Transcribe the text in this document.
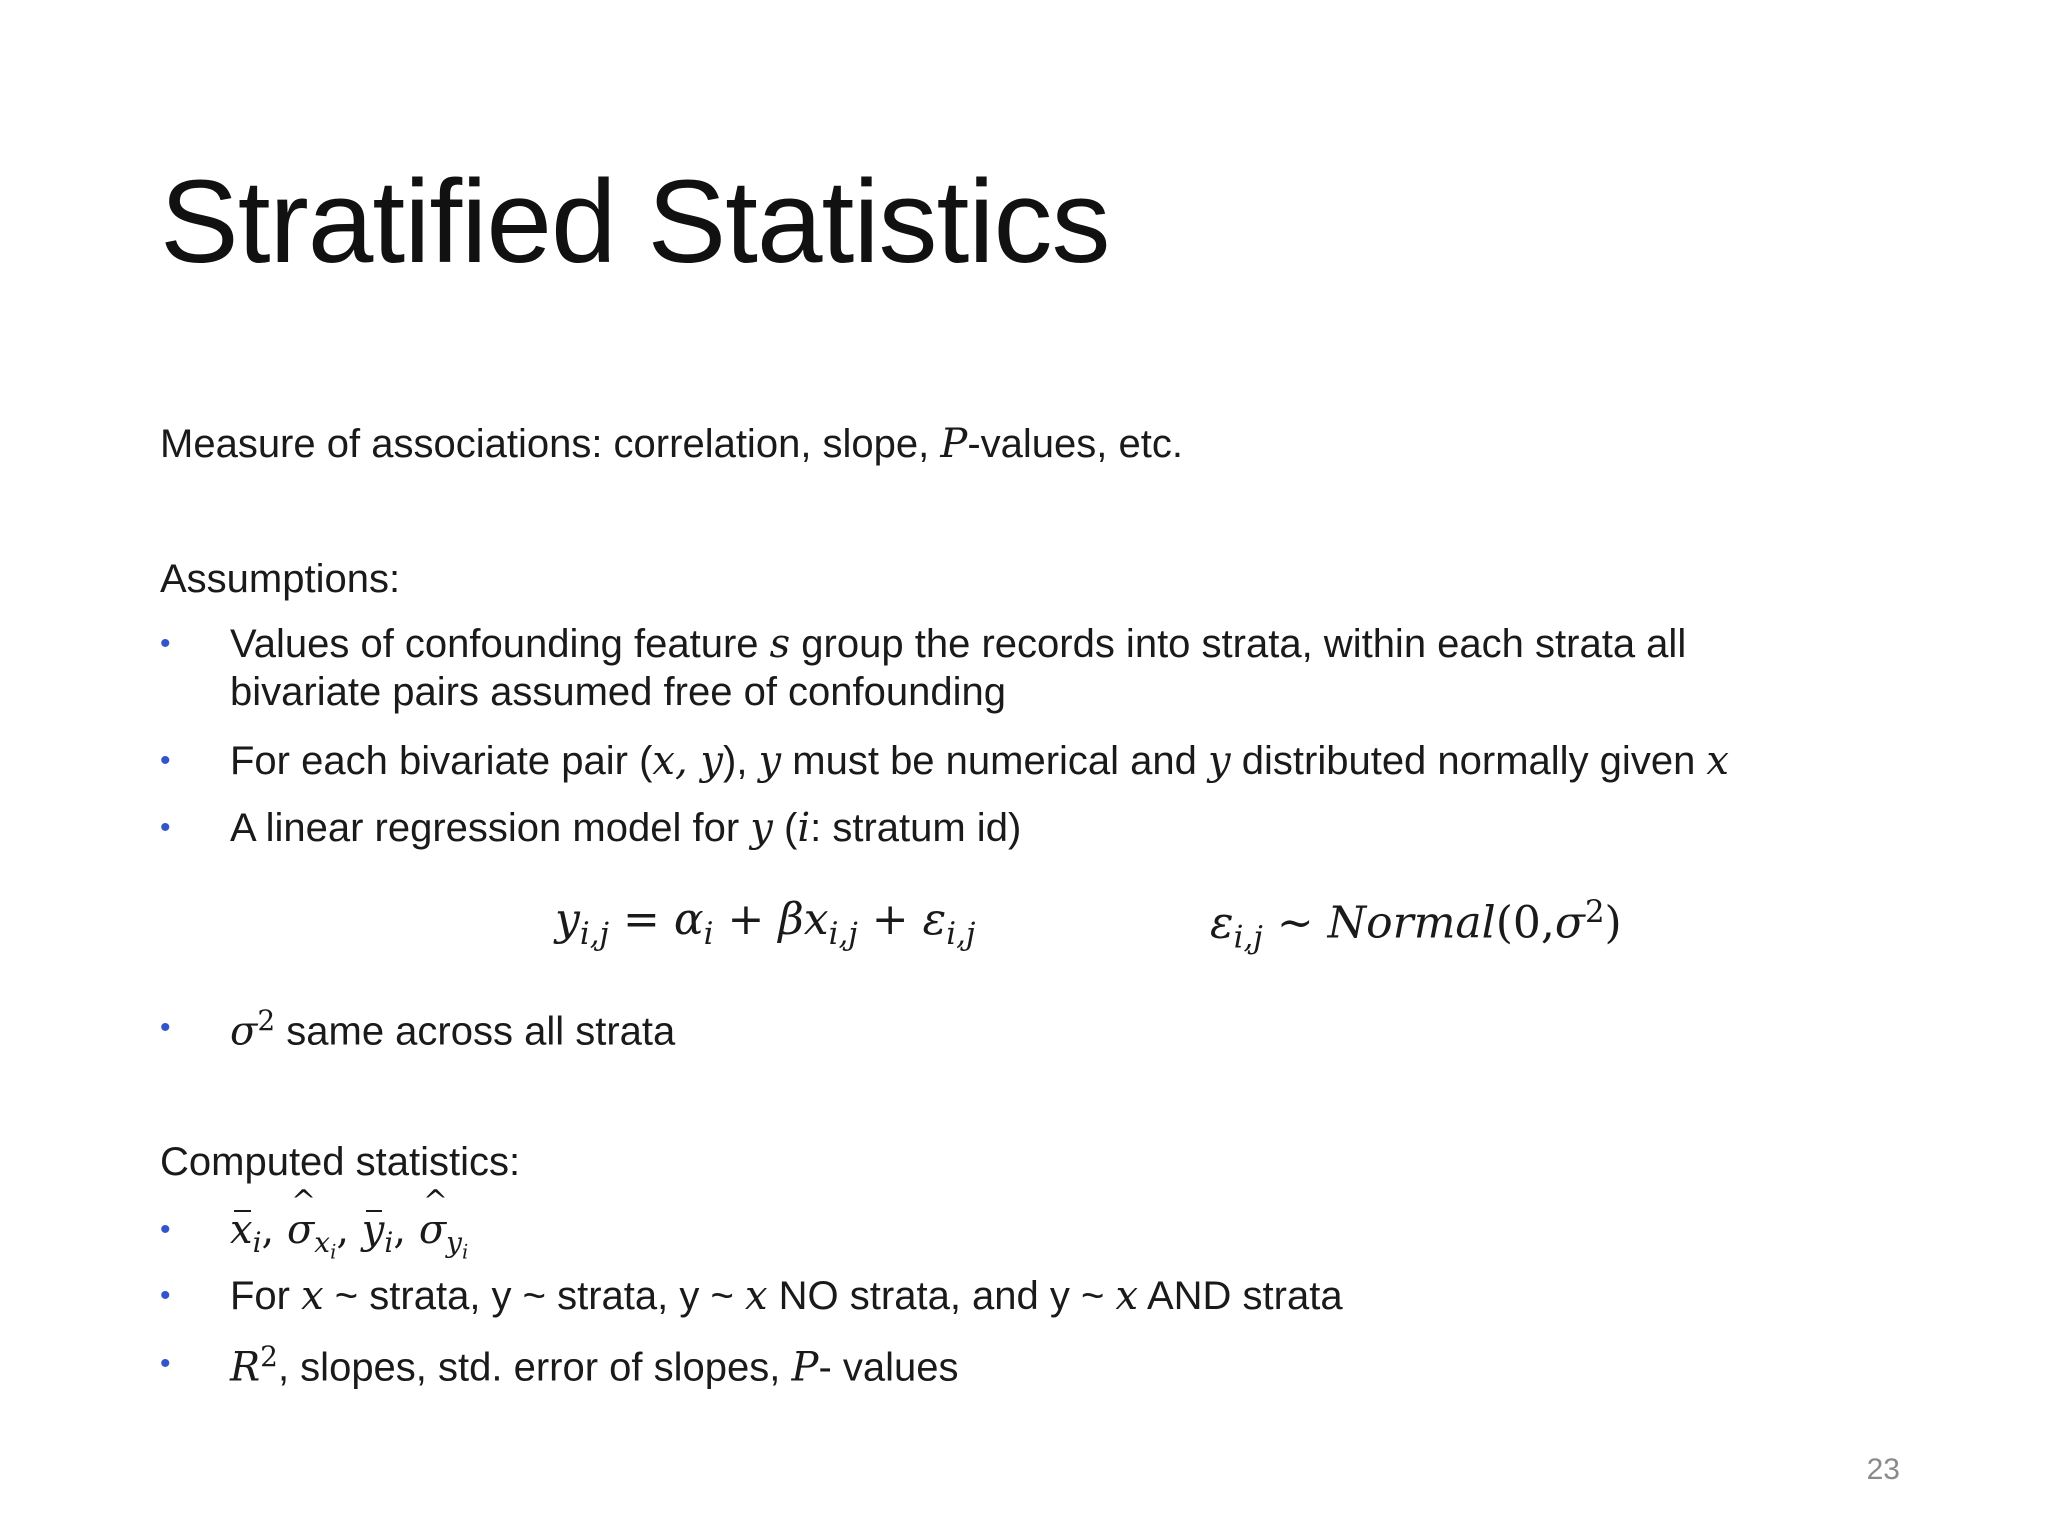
Stratified Statistics
Measure of associations: correlation, slope, P-values, etc.
Assumptions:
• Values of confounding feature s group the records into strata, within each strata all
bivariate pairs assumed free of confounding
• For each bivariate pair (x, y), y must be numerical and y distributed normally given x
• A linear regression model for y (i: stratum id)
$y_{i,j} = \alpha_i + \beta x_{i,j} + \varepsilon_{i,j}$	$\varepsilon_{i,j}$ ~ $Normal(0,\sigma^2)$
• $\sigma^2$ same across all strata
Computed statistics:
• $x_i$, ^ $\sigma_{x_i}$, $y_i$, ^ $\sigma_{y_i}$
• For x ~ strata, y ~ strata, y ~ x NO strata, and y ~ x AND strata
• $R^2$, slopes, std. error of slopes, P- values
23
